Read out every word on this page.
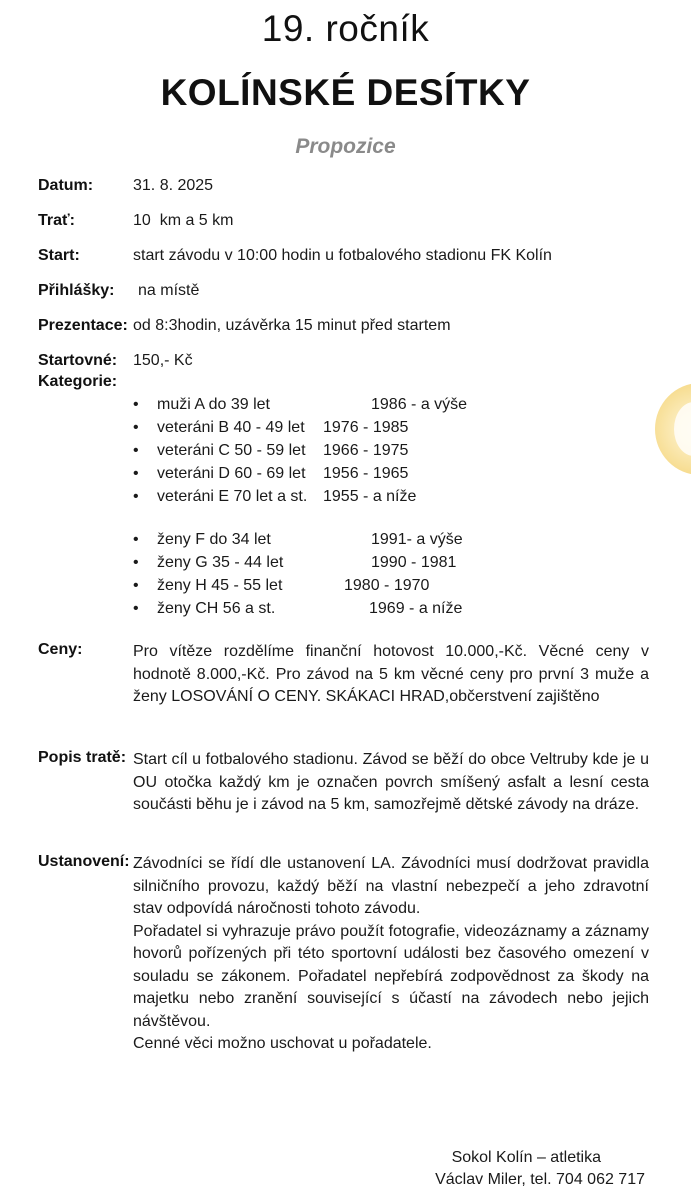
19. ročník
KOLÍNSKÉ DESÍTKY
Propozice
Datum: 31. 8. 2025
Trať:	10  km a 5 km
Start:	start závodu v 10:00 hodin u fotbalového stadionu FK Kolín
Přihlášky: na místě
Prezentace: od 8:3hodin, uzávěrka 15 minut před startem
Startovné: 150,- Kč
Kategorie:
• muži A do 39 let	1986 - a výše
• veteráni B 40 - 49 let 1976 - 1985
• veteráni C 50 - 59 let 1966 - 1975
• veteráni D 60 - 69 let 1956 - 1965
• veteráni E 70 let a st. 1955 - a níže
• ženy F do 34 let	1991- a výše
• ženy G 35 - 44 let	1990 - 1981
• ženy H 45 - 55 let	1980 - 1970
• ženy CH 56 a st.	1969 - a níže
Ceny:	Pro vítěze rozdělíme finanční hotovost 10.000,-Kč. Věcné ceny v hodnotě 8.000,-Kč. Pro závod na 5 km věcné ceny pro první 3 muže a ženy LOSOVÁNÍ O CENY. SKÁKACI HRAD,občerstvení zajištěno

Popis tratě: Start cíl u fotbalového stadionu. Závod se běží do obce Veltruby kde je u OU otočka každý km je označen povrch smíšený asfalt a lesní cesta součásti běhu je i závod na 5 km, samozřejmě dětské závody na dráze.

Ustanovení: Závodníci se řídí dle ustanovení LA. Závodníci musí dodržovat pravidla silničního provozu, každý běží na vlastní nebezpečí a jeho zdravotní stav odpovídá náročnosti tohoto závodu.

Pořadatel si vyhrazuje právo použít fotografie, videozáznamy a záznamy hovorů pořízených při této sportovní události bez časového omezení v souladu se zákonem. Pořadatel nepřebírá zodpovědnost za škody na majetku nebo zranění související s účastí na závodech nebo jejich návštěvou.

Cenné věci možno uschovat u pořadatele.

Sokol Kolín – atletika
Václav Miler, tel. 704 062 717
